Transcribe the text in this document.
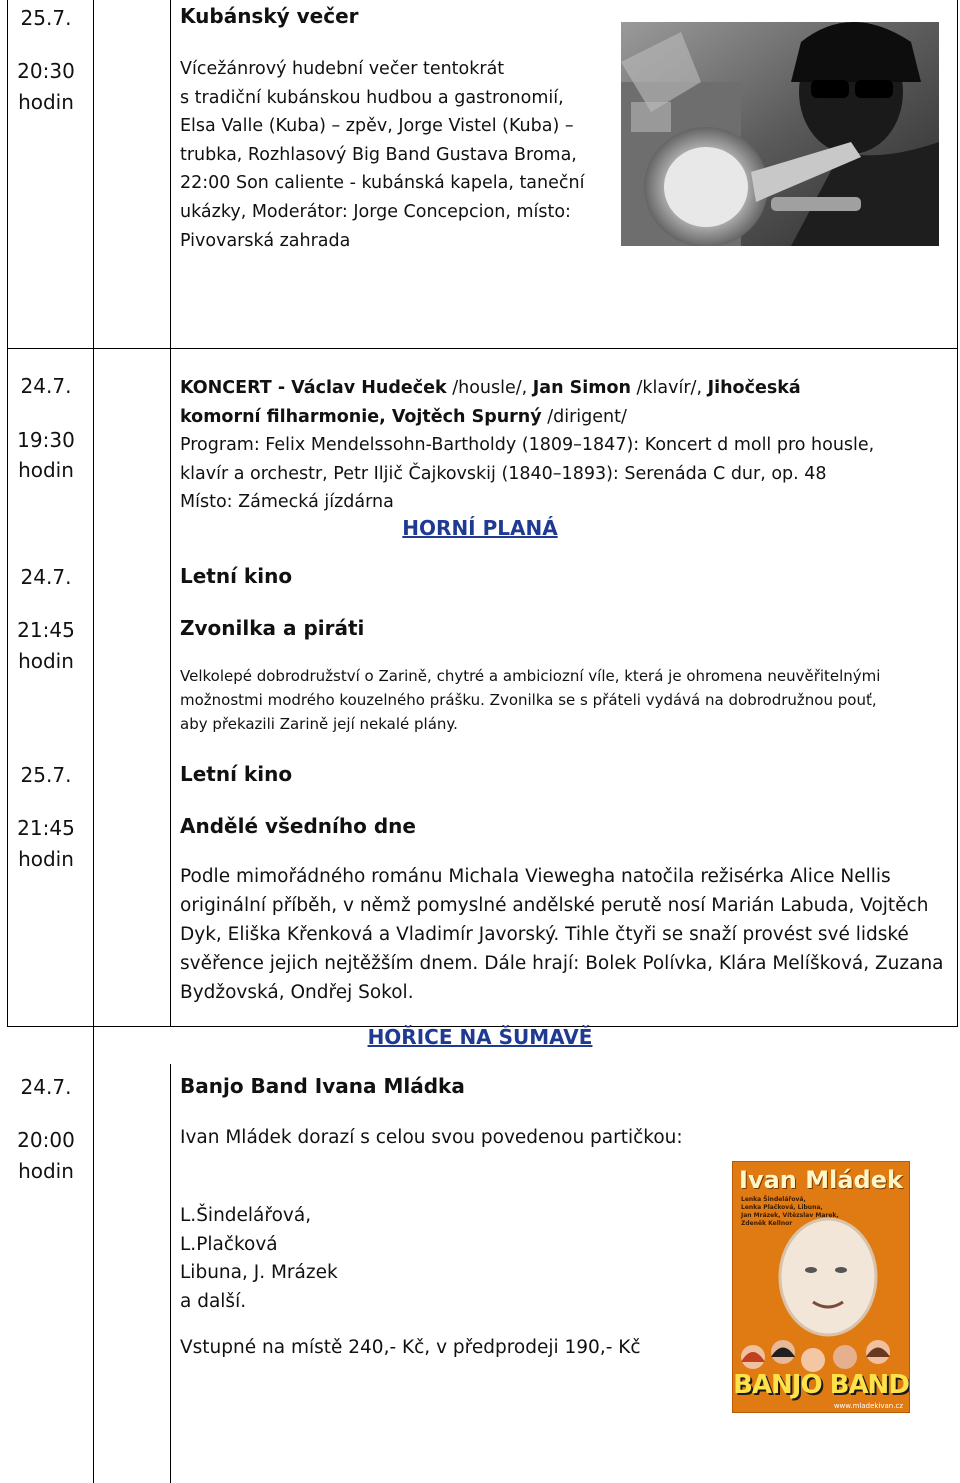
25.7.
20:30
hodin
Kubánský večer
Vícežánrový hudební večer tentokrát
s tradiční kubánskou hudbou a gastronomií,
Elsa Valle (Kuba) – zpěv, Jorge Vistel (Kuba) –
trubka, Rozhlasový Big Band Gustava Broma,
22:00 Son caliente - kubánská kapela, taneční
ukázky, Moderátor: Jorge Concepcion, místo:
Pivovarská zahrada
24.7.
19:30
hodin
KONCERT - Václav Hudeček /housle/, Jan Simon /klavír/, Jihočeská
komorní filharmonie, Vojtěch Spurný /dirigent/
Program: Felix Mendelssohn-Bartholdy (1809–1847): Koncert d moll pro housle,
klavír a orchestr, Petr Iljič Čajkovskij (1840–1893): Serenáda C dur, op. 48
Místo: Zámecká jízdárna
HORNÍ PLANÁ
24.7.
21:45
hodin
Letní kino
Zvonilka a piráti
Velkolepé dobrodružství o Zarině, chytré a ambiciozní víle, která je ohromena neuvěřitelnými
možnostmi modrého kouzelného prášku. Zvonilka se s přáteli vydává na dobrodružnou pouť,
aby překazili Zarině její nekalé plány.
25.7.
21:45
hodin
Letní kino
Andělé všedního dne
Podle mimořádného románu Michala Viewegha natočila režisérka Alice Nellis
originální příběh, v němž pomyslné andělské perutě nosí Marián Labuda, Vojtěch
Dyk, Eliška Křenková a Vladimír Javorský. Tihle čtyři se snaží provést své lidské
svěřence jejich nejtěžším dnem. Dále hrají: Bolek Polívka, Klára Melíšková, Zuzana
Bydžovská, Ondřej Sokol.
HOŘICE NA ŠUMAVĚ
24.7.
20:00
hodin
Banjo Band Ivana Mládka
Ivan Mládek dorazí s celou svou povedenou partičkou:
L.Šindelářová,
L.Plačková
Libuna, J. Mrázek
a další.
Vstupné na místě 240,- Kč, v předprodeji 190,- Kč
Ivan Mládek
Lenka Šindelářová,
Lenka Plačková, Libuna,
Jan Mrázek, Vítězslav Marek,
Zdeněk Kellnor
BANJO BAND
www.mladekivan.cz
